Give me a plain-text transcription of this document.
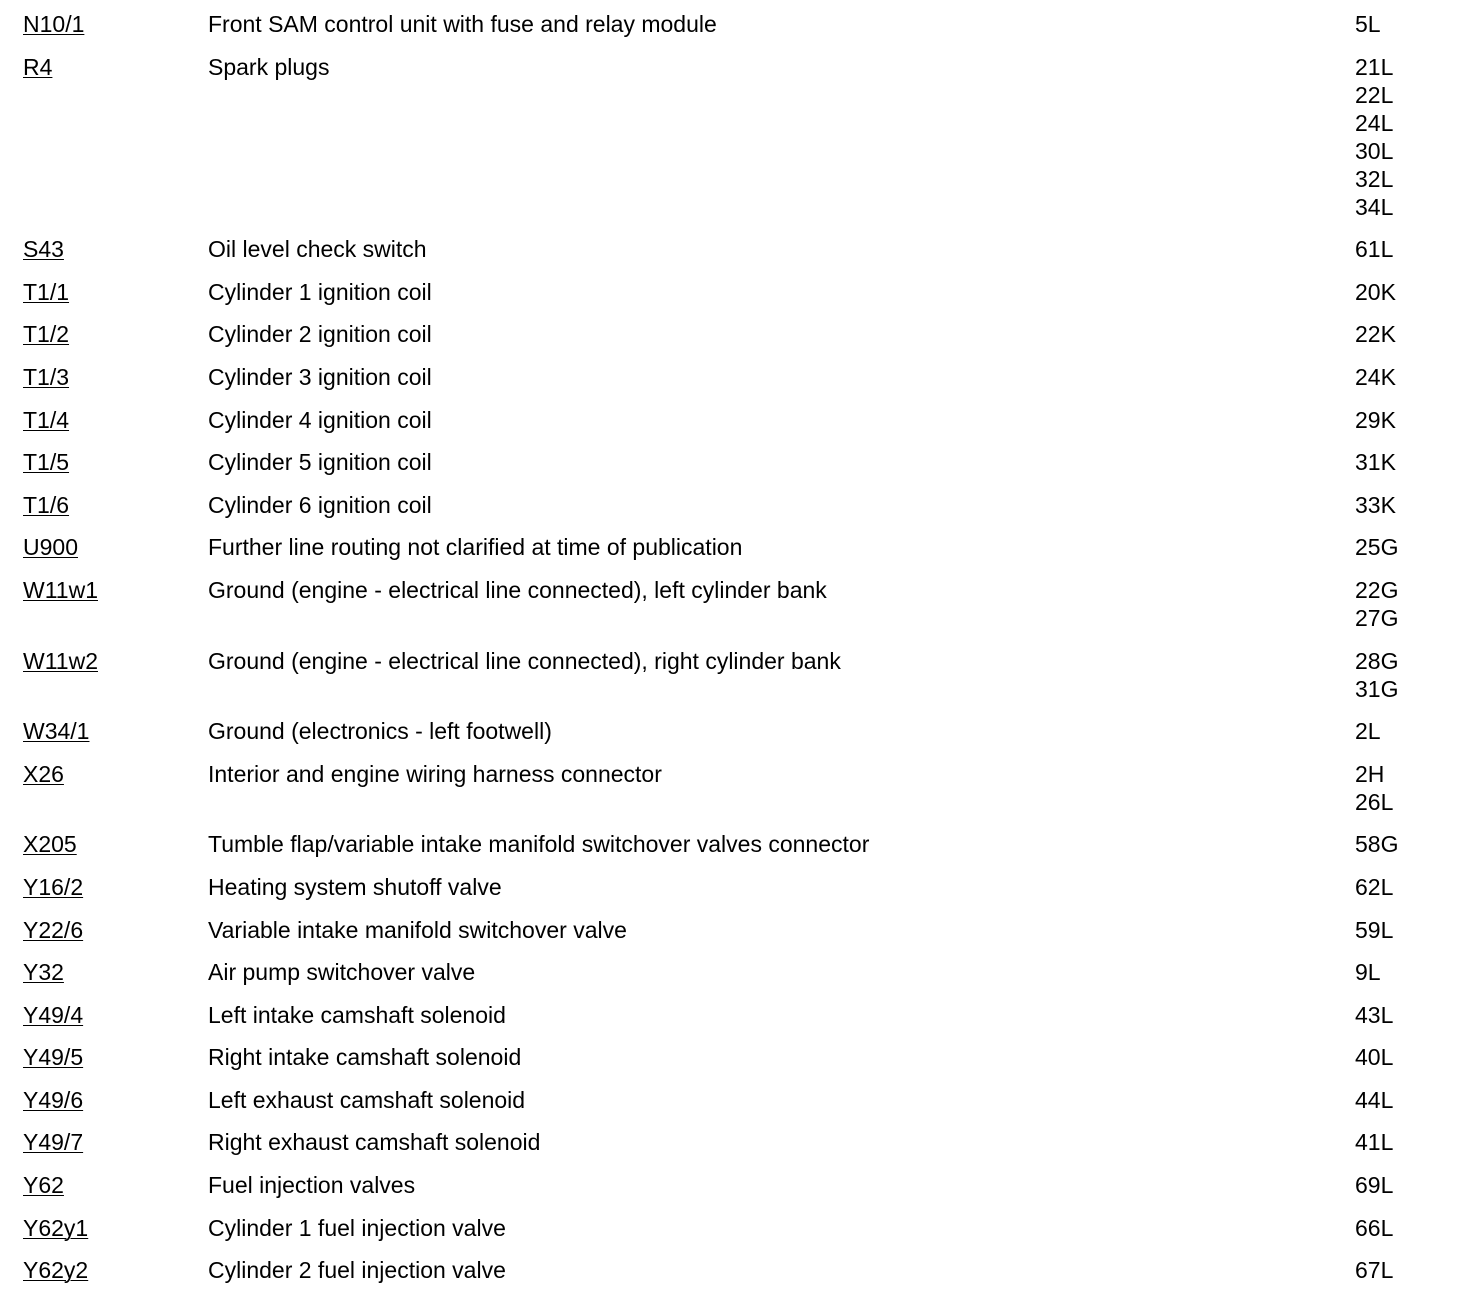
N10/1	Front SAM control unit with fuse and relay module	5L
R4	Spark plugs	21L
22L
24L
30L
32L
34L
S43	Oil level check switch	61L
T1/1	Cylinder 1 ignition coil	20K
T1/2	Cylinder 2 ignition coil	22K
T1/3	Cylinder 3 ignition coil	24K
T1/4	Cylinder 4 ignition coil	29K
T1/5	Cylinder 5 ignition coil	31K
T1/6	Cylinder 6 ignition coil	33K
U900	Further line routing not clarified at time of publication	25G
W11w1	Ground (engine - electrical line connected), left cylinder bank	22G
27G
W11w2	Ground (engine - electrical line connected), right cylinder bank	28G
31G
W34/1	Ground (electronics - left footwell)	2L
X26	Interior and engine wiring harness connector	2H
26L
X205	Tumble flap/variable intake manifold switchover valves connector	58G
Y16/2	Heating system shutoff valve	62L
Y22/6	Variable intake manifold switchover valve	59L
Y32	Air pump switchover valve	9L
Y49/4	Left intake camshaft solenoid	43L
Y49/5	Right intake camshaft solenoid	40L
Y49/6	Left exhaust camshaft solenoid	44L
Y49/7	Right exhaust camshaft solenoid	41L
Y62	Fuel injection valves	69L
Y62y1	Cylinder 1 fuel injection valve	66L
Y62y2	Cylinder 2 fuel injection valve	67L
